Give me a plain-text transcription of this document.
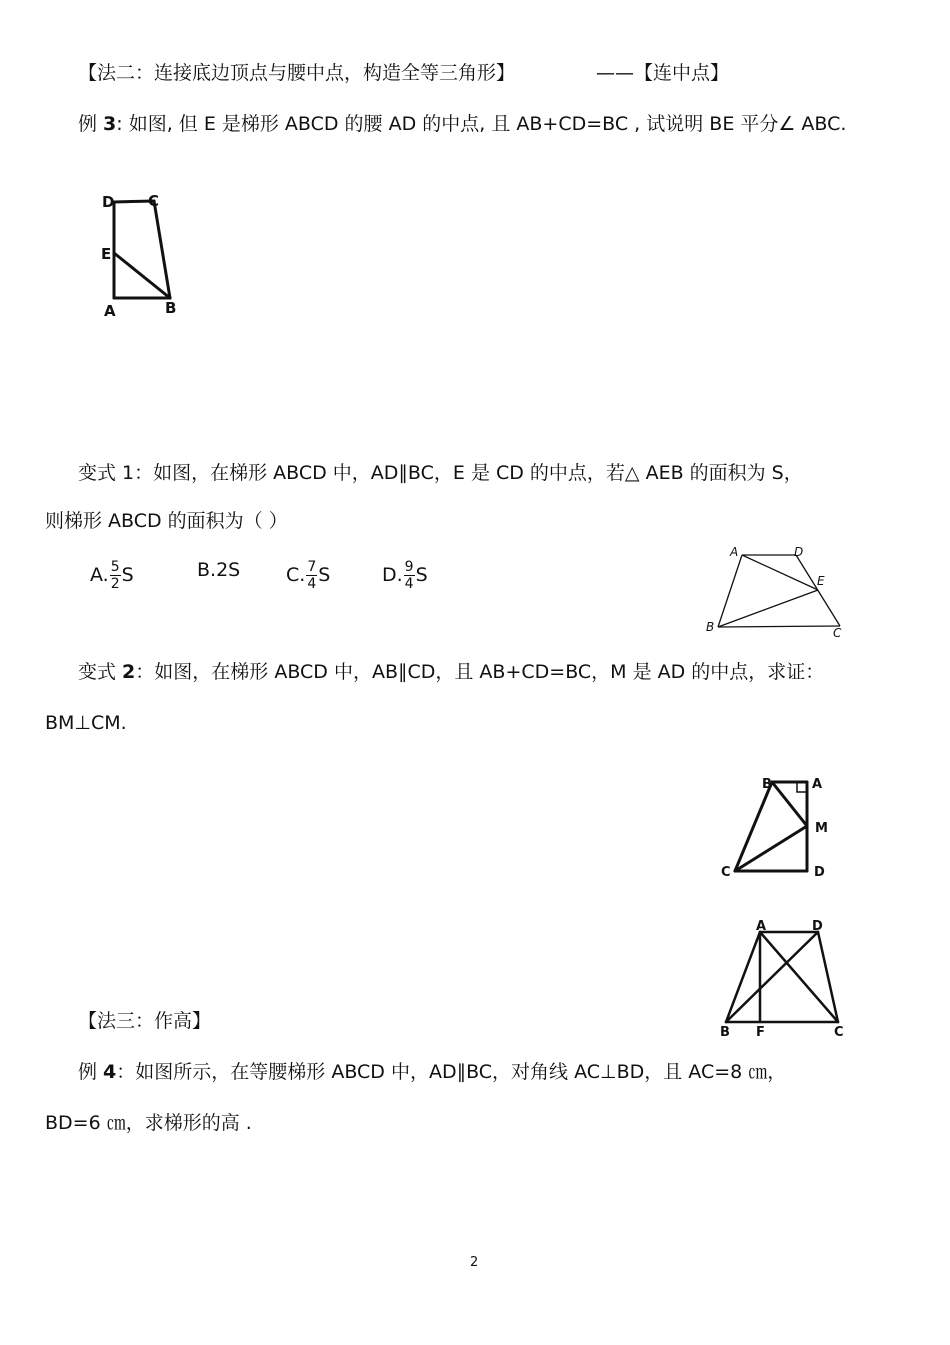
【法二：连接底边顶点与腰中点，构造全等三角形】	——【连中点】
例 3: 如图, 但 E 是梯形 ABCD 的腰 AD 的中点, 且 AB+CD=BC , 试说明 BE 平分∠ ABC.
D C
E
A	B
变式 1：如图，在梯形 ABCD 中，AD∥BC，E 是 CD 的中点，若△ AEB 的面积为 S，
则梯形 ABCD 的面积为（ ）
A. $\frac{5}{2}$ S	B.2S C. $\frac{7}{4}$ S	D. $\frac{9}{4}$ S
A	D
E
B	C
变式 2：如图，在梯形 ABCD 中，AB∥CD，且 AB+CD=BC，M 是 AD 的中点，求证：
BM⊥CM.
B	A
M
C	D
A	D
B F	C
【法三：作高】
例 4：如图所示，在等腰梯形 ABCD 中，AD∥BC，对角线 AC⊥BD，且 AC=8 ㎝，
BD=6 ㎝，求梯形的高 .
2
